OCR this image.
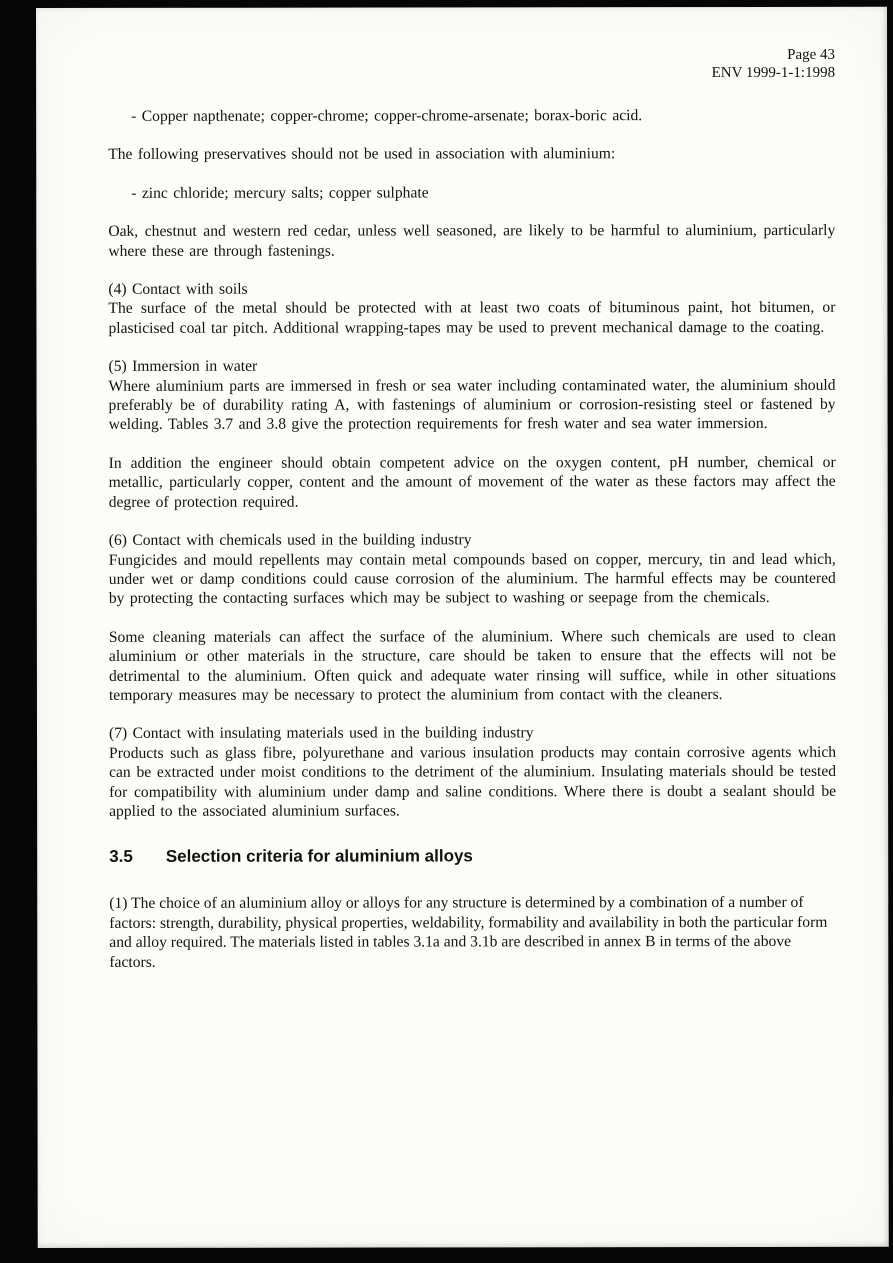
Page 43
ENV 1999-1-1:1998
- Copper napthenate; copper-chrome; copper-chrome-arsenate; borax-boric acid.
The following preservatives should not be used in association with aluminium:
- zinc chloride; mercury salts; copper sulphate
Oak, chestnut and western red cedar, unless well seasoned, are likely to be harmful to aluminium, particularly where these are through fastenings.
(4) Contact with soils
The surface of the metal should be protected with at least two coats of bituminous paint, hot bitumen, or plasticised coal tar pitch. Additional wrapping-tapes may be used to prevent mechanical damage to the coating.
(5) Immersion in water
Where aluminium parts are immersed in fresh or sea water including contaminated water, the aluminium should preferably be of durability rating A, with fastenings of aluminium or corrosion-resisting steel or fastened by welding. Tables 3.7 and 3.8 give the protection requirements for fresh water and sea water immersion.
In addition the engineer should obtain competent advice on the oxygen content, pH number, chemical or metallic, particularly copper, content and the amount of movement of the water as these factors may affect the degree of protection required.
(6) Contact with chemicals used in the building industry
Fungicides and mould repellents may contain metal compounds based on copper, mercury, tin and lead which, under wet or damp conditions could cause corrosion of the aluminium. The harmful effects may be countered by protecting the contacting surfaces which may be subject to washing or seepage from the chemicals.
Some cleaning materials can affect the surface of the aluminium. Where such chemicals are used to clean aluminium or other materials in the structure, care should be taken to ensure that the effects will not be detrimental to the aluminium. Often quick and adequate water rinsing will suffice, while in other situations temporary measures may be necessary to protect the aluminium from contact with the cleaners.
(7) Contact with insulating materials used in the building industry
Products such as glass fibre, polyurethane and various insulation products may contain corrosive agents which can be extracted under moist conditions to the detriment of the aluminium. Insulating materials should be tested for compatibility with aluminium under damp and saline conditions. Where there is doubt a sealant should be applied to the associated aluminium surfaces.
3.5 Selection criteria for aluminium alloys
(1) The choice of an aluminium alloy or alloys for any structure is determined by a combination of a number of factors: strength, durability, physical properties, weldability, formability and availability in both the particular form and alloy required. The materials listed in tables 3.1a and 3.1b are described in annex B in terms of the above factors.
